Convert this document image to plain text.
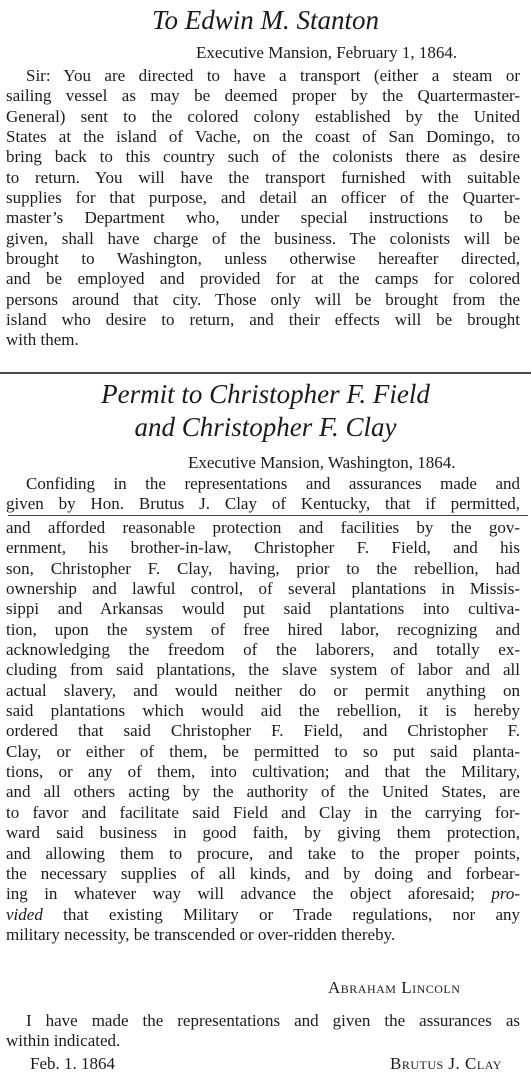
To Edwin M. Stanton
Executive Mansion, February 1, 1864.
Sir: You are directed to have a transport (either a steam or
sailing vessel as may be deemed proper by the Quartermaster-
General) sent to the colored colony established by the United
States at the island of Vache, on the coast of San Domingo, to
bring back to this country such of the colonists there as desire
to return. You will have the transport furnished with suitable
supplies for that purpose, and detail an officer of the Quarter-
master’s Department who, under special instructions to be
given, shall have charge of the business. The colonists will be
brought to Washington, unless otherwise hereafter directed,
and be employed and provided for at the camps for colored
persons around that city. Those only will be brought from the
island who desire to return, and their effects will be brought
with them.
Permit to Christopher F. Field
and Christopher F. Clay
Executive Mansion, Washington, 1864.
Confiding in the representations and assurances made and
given by Hon. Brutus J. Clay of Kentucky, that if permitted,
and afforded reasonable protection and facilities by the gov-
ernment, his brother-in-law, Christopher F. Field, and his
son, Christopher F. Clay, having, prior to the rebellion, had
ownership and lawful control, of several plantations in Missis-
sippi and Arkansas would put said plantations into cultiva-
tion, upon the system of free hired labor, recognizing and
acknowledging the freedom of the laborers, and totally ex-
cluding from said plantations, the slave system of labor and all
actual slavery, and would neither do or permit anything on
said plantations which would aid the rebellion, it is hereby
ordered that said Christopher F. Field, and Christopher F.
Clay, or either of them, be permitted to so put said planta-
tions, or any of them, into cultivation; and that the Military,
and all others acting by the authority of the United States, are
to favor and facilitate said Field and Clay in the carrying for-
ward said business in good faith, by giving them protection,
and allowing them to procure, and take to the proper points,
the necessary supplies of all kinds, and by doing and forbear-
ing in whatever way will advance the object aforesaid; pro-
vided that existing Military or Trade regulations, nor any
military necessity, be transcended or over-ridden thereby.
Abraham Lincoln
I have made the representations and given the assurances as
within indicated.
Feb. 1. 1864	Brutus J. Clay
